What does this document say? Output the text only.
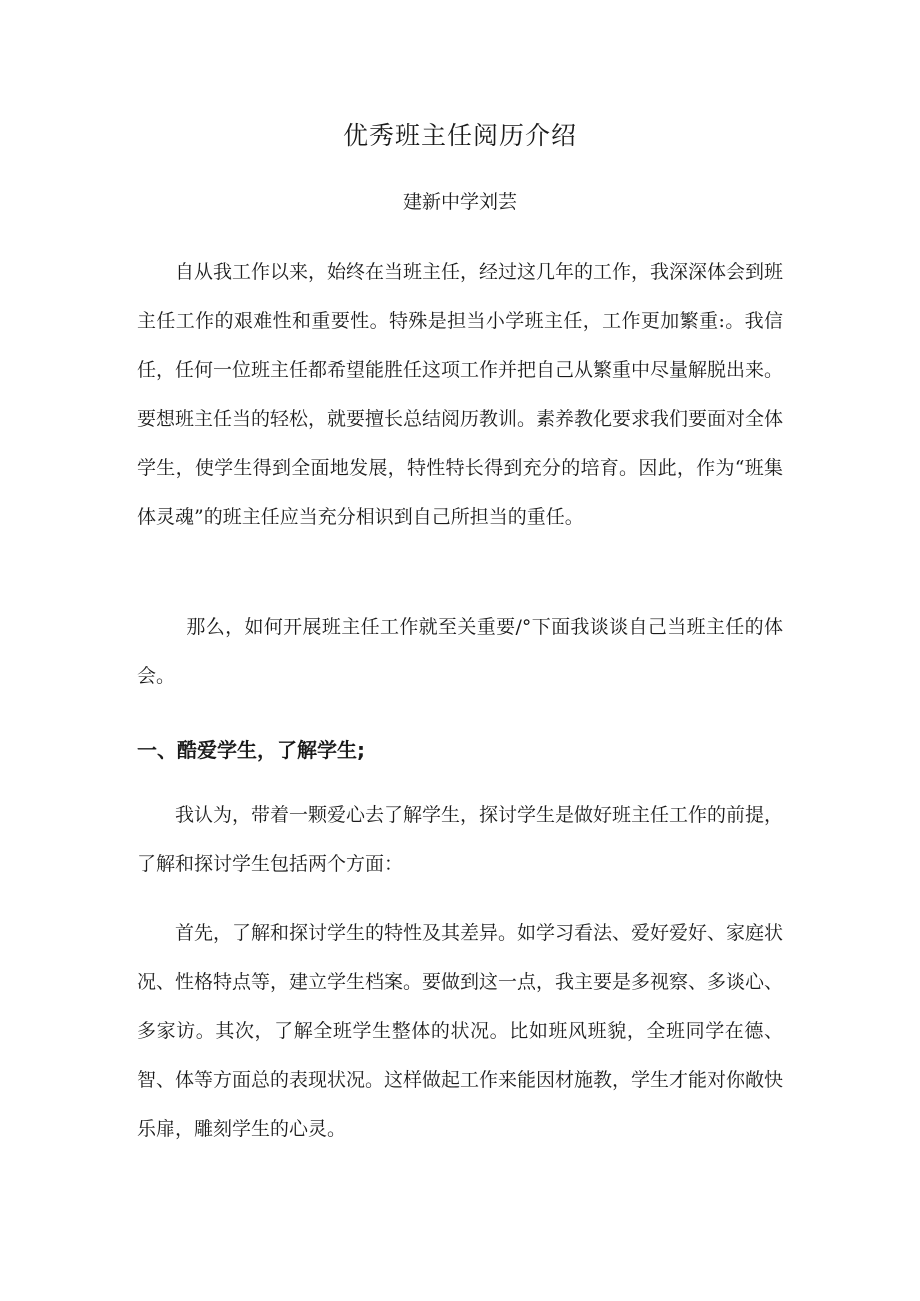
优秀班主任阅历介绍
建新中学刘芸

自从我工作以来，始终在当班主任，经过这几年的工作，我深深体会到班主任工作的艰难性和重要性。特殊是担当小学班主任，工作更加繁重:。我信任，任何一位班主任都希望能胜任这项工作并把自己从繁重中尽量解脱出来。要想班主任当的轻松，就要擅长总结阅历教训。素养教化要求我们要面对全体学生，使学生得到全面地发展，特性特长得到充分的培育。因此，作为“班集体灵魂”的班主任应当充分相识到自己所担当的重任。

那么，如何开展班主任工作就至关重要/°下面我谈谈自己当班主任的体会。

一、酷爱学生，了解学生;

我认为，带着一颗爱心去了解学生，探讨学生是做好班主任工作的前提，了解和探讨学生包括两个方面：

首先，了解和探讨学生的特性及其差异。如学习看法、爱好爱好、家庭状况、性格特点等，建立学生档案。要做到这一点，我主要是多视察、多谈心、多家访。其次，了解全班学生整体的状况。比如班风班貌，全班同学在德、智、体等方面总的表现状况。这样做起工作来能因材施教，学生才能对你敞快乐扉，雕刻学生的心灵。
